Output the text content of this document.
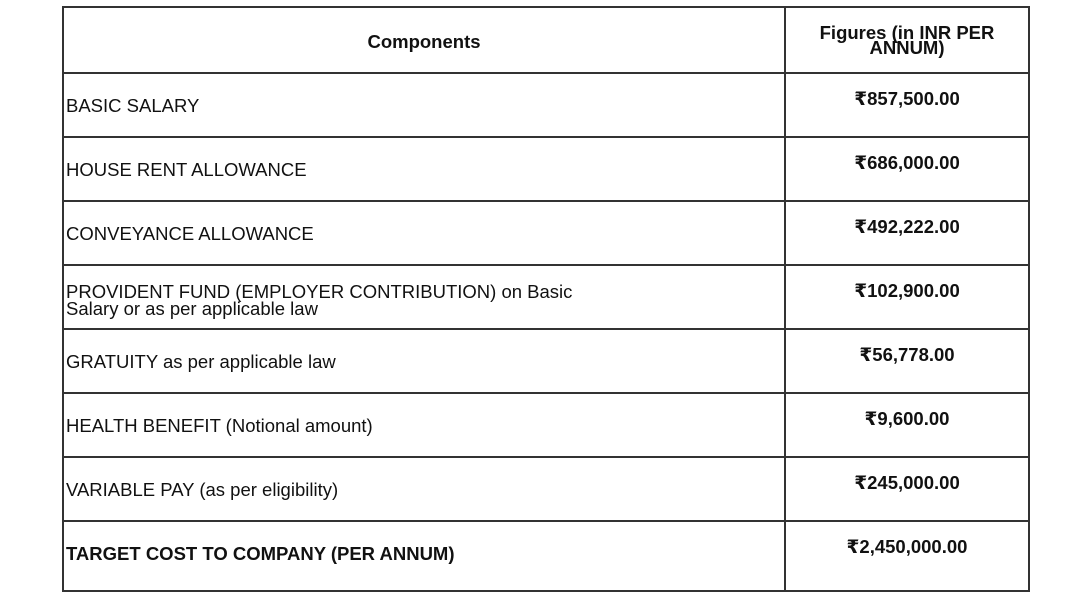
Components	Figures (in INR PER ANNUM)

BASIC SALARY	₹857,500.00

HOUSE RENT ALLOWANCE	₹686,000.00

CONVEYANCE ALLOWANCE	₹492,222.00

PROVIDENT FUND (EMPLOYER CONTRIBUTION) on Basic Salary or as per applicable law	₹102,900.00

GRATUITY as per applicable law	₹56,778.00

HEALTH BENEFIT (Notional amount)	₹9,600.00

VARIABLE PAY (as per eligibility)	₹245,000.00

TARGET COST TO COMPANY (PER ANNUM)	₹2,450,000.00
